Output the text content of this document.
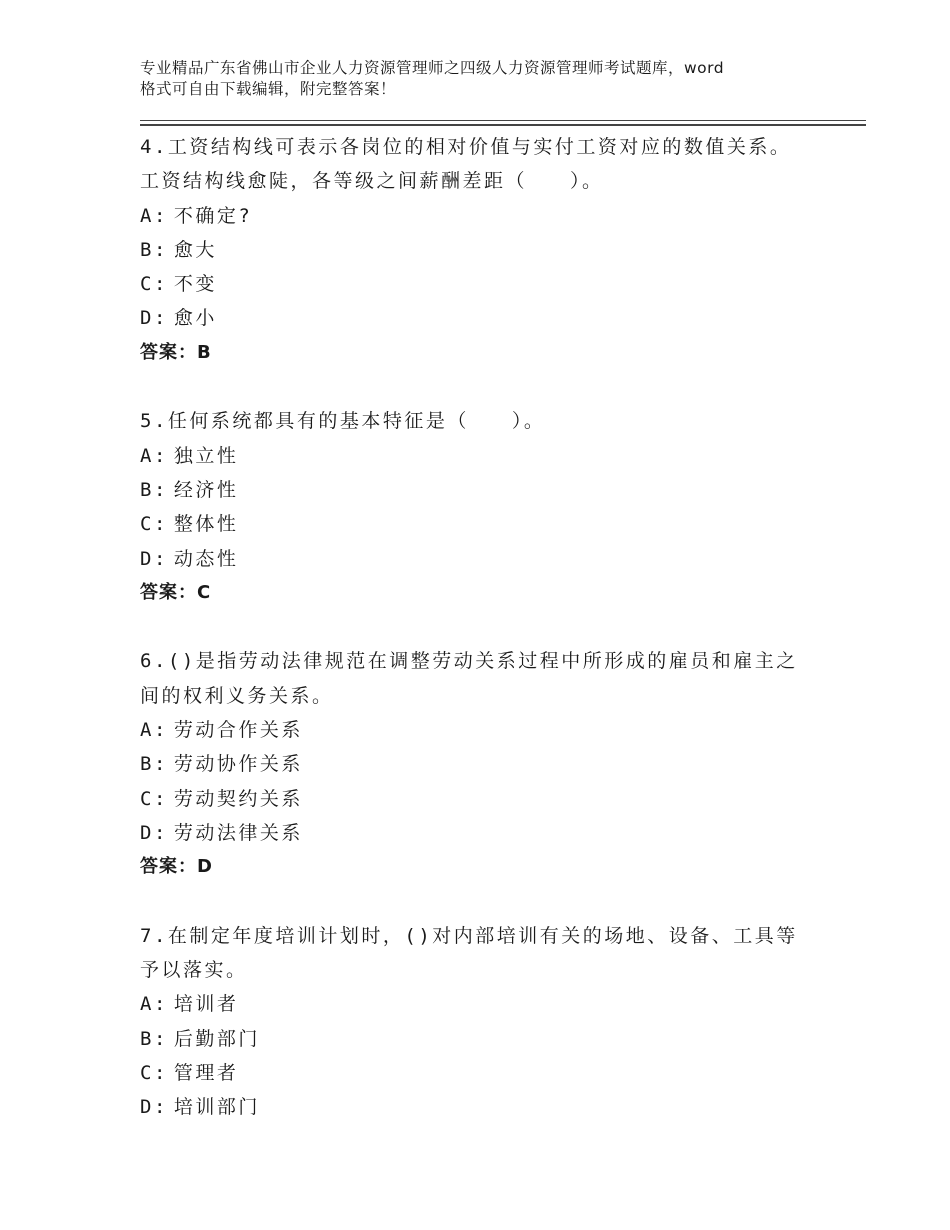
专业精品广东省佛山市企业人力资源管理师之四级人力资源管理师考试题库，word
格式可自由下载编辑，附完整答案！
4.工资结构线可表示各岗位的相对价值与实付工资对应的数值关系。
工资结构线愈陡，各等级之间薪酬差距（　　）。
A: 不确定?
B: 愈大
C: 不变
D: 愈小
答案：B
5.任何系统都具有的基本特征是（　　）。
A: 独立性
B: 经济性
C: 整体性
D: 动态性
答案：C
6.()是指劳动法律规范在调整劳动关系过程中所形成的雇员和雇主之
间的权利义务关系。
A: 劳动合作关系
B: 劳动协作关系
C: 劳动契约关系
D: 劳动法律关系
答案：D
7.在制定年度培训计划时，()对内部培训有关的场地、设备、工具等
予以落实。
A: 培训者
B: 后勤部门
C: 管理者
D: 培训部门
